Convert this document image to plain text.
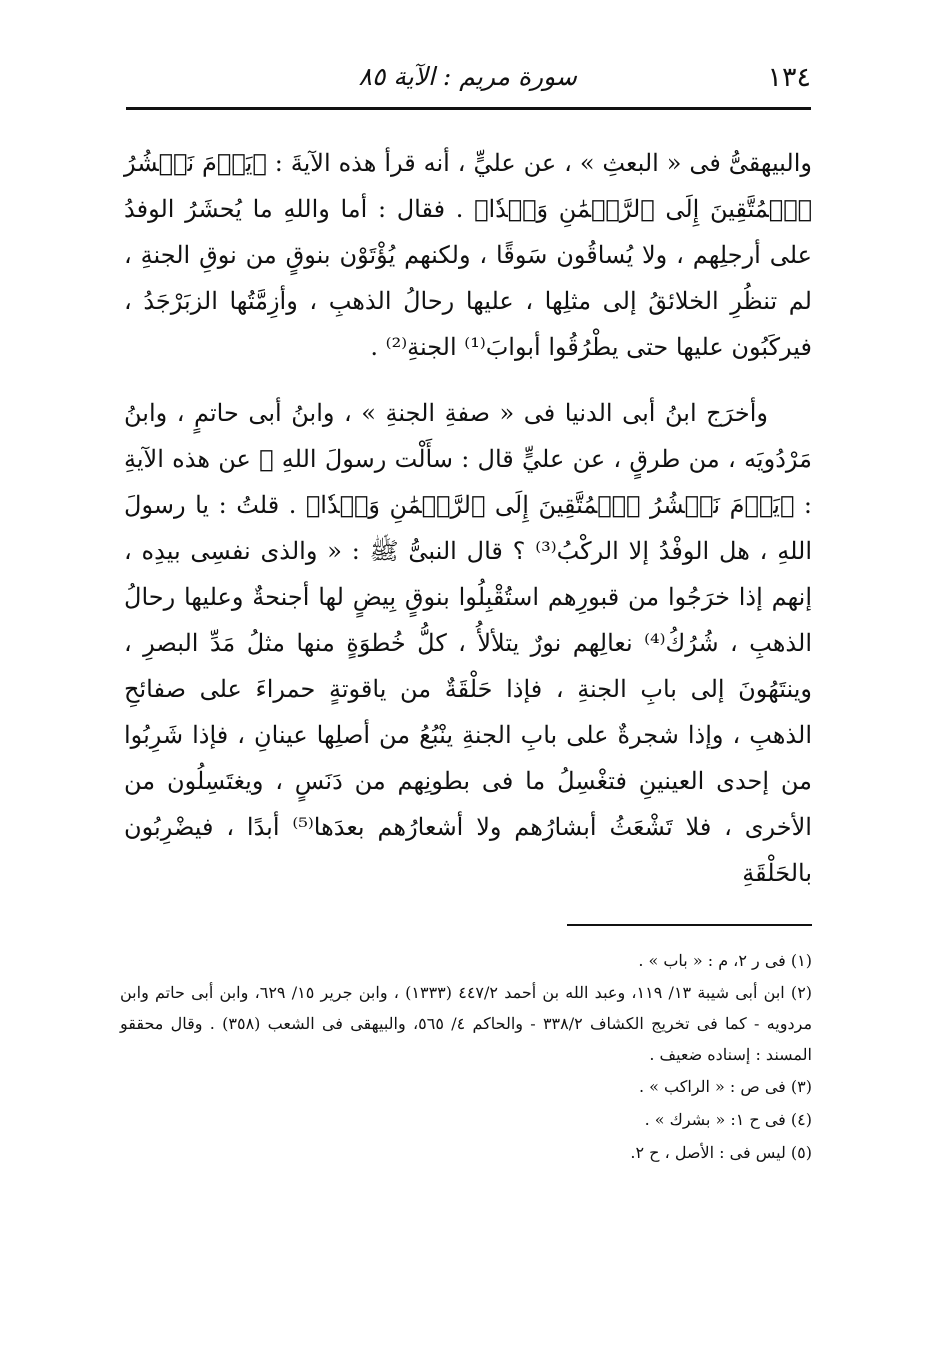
١٣٤
سورة مريم : الآية ٨٥

والبيهقىُّ فى « البعثِ » ، عن عليٍّ ، أنه قرأ هذه الآيةَ : ﴿يَوۡمَ نَحۡشُرُ ٱلۡمُتَّقِينَ إِلَى ٱلرَّحۡمَٰنِ وَفۡدٗا﴾ . فقال : أما واللهِ ما يُحشَرُ الوفدُ على أرجلِهم ، ولا يُساقُون سَوقًا ، ولكنهم يُؤْتَوْن بنوقٍ من نوقِ الجنةِ ، لم تنظُرِ الخلائقُ إلى مثلِها ، عليها رحالُ الذهبِ ، وأزِمَّتُها الزبَرْجَدُ ، فيركَبُون عليها حتى يطْرُقُوا أبوابَ⁽¹⁾ الجنةِ⁽²⁾ .

وأخرَج ابنُ أبى الدنيا فى « صفةِ الجنةِ » ، وابنُ أبى حاتمٍ ، وابنُ مَرْدُويَه ، من طرقٍ ، عن عليٍّ قال : سأَلْت رسولَ اللهِ ﷺ عن هذه الآيةِ : ﴿يَوۡمَ نَحۡشُرُ ٱلۡمُتَّقِينَ إِلَى ٱلرَّحۡمَٰنِ وَفۡدٗا﴾ . قلتُ : يا رسولَ اللهِ ، هل الوفْدُ إلا الركْبُ⁽³⁾ ؟ قال النبىُّ ﷺ : « والذى نفسِى بيدِه ، إنهم إذا خرَجُوا من قبورِهم استُقْبِلُوا بنوقٍ بِيضٍ لها أجنحةٌ وعليها رحالُ الذهبِ ، شُرُكُ⁽⁴⁾ نعالِهم نورٌ يتلألأُ ، كلُّ خُطوَةٍ منها مثلُ مَدِّ البصرِ ، وينتَهُونَ إلى بابِ الجنةِ ، فإذا حَلْقَةٌ من ياقوتةٍ حمراءَ على صفائحِ الذهبِ ، وإذا شجرةٌ على بابِ الجنةِ ينْبُعُ من أصلِها عينانِ ، فإذا شَرِبُوا من إحدى العينينِ فتغْسِلُ ما فى بطونِهم من دَنَسٍ ، ويغتَسِلُون من الأخرى ، فلا تَشْعَثُ أبشارُهم ولا أشعارُهم بعدَها⁽⁵⁾ أبدًا ، فيضْرِبُون بالحَلْقَةِ

(١) فى ر ٢، م : « باب » .

(٢) ابن أبى شيبة ١٣/ ١١٩، وعبد الله بن أحمد ٤٤٧/٢ (١٣٣٣) ، وابن جرير ١٥/ ٦٢٩، وابن أبى حاتم وابن مردويه - كما فى تخريج الكشاف ٣٣٨/٢ - والحاكم ٤/ ٥٦٥، والبيهقى فى الشعب (٣٥٨) . وقال محققو المسند : إسناده ضعيف .

(٣) فى ص : « الراكب » .

(٤) فى ح ١: « بشرك » .

(٥) ليس فى : الأصل ، ح ٢.
